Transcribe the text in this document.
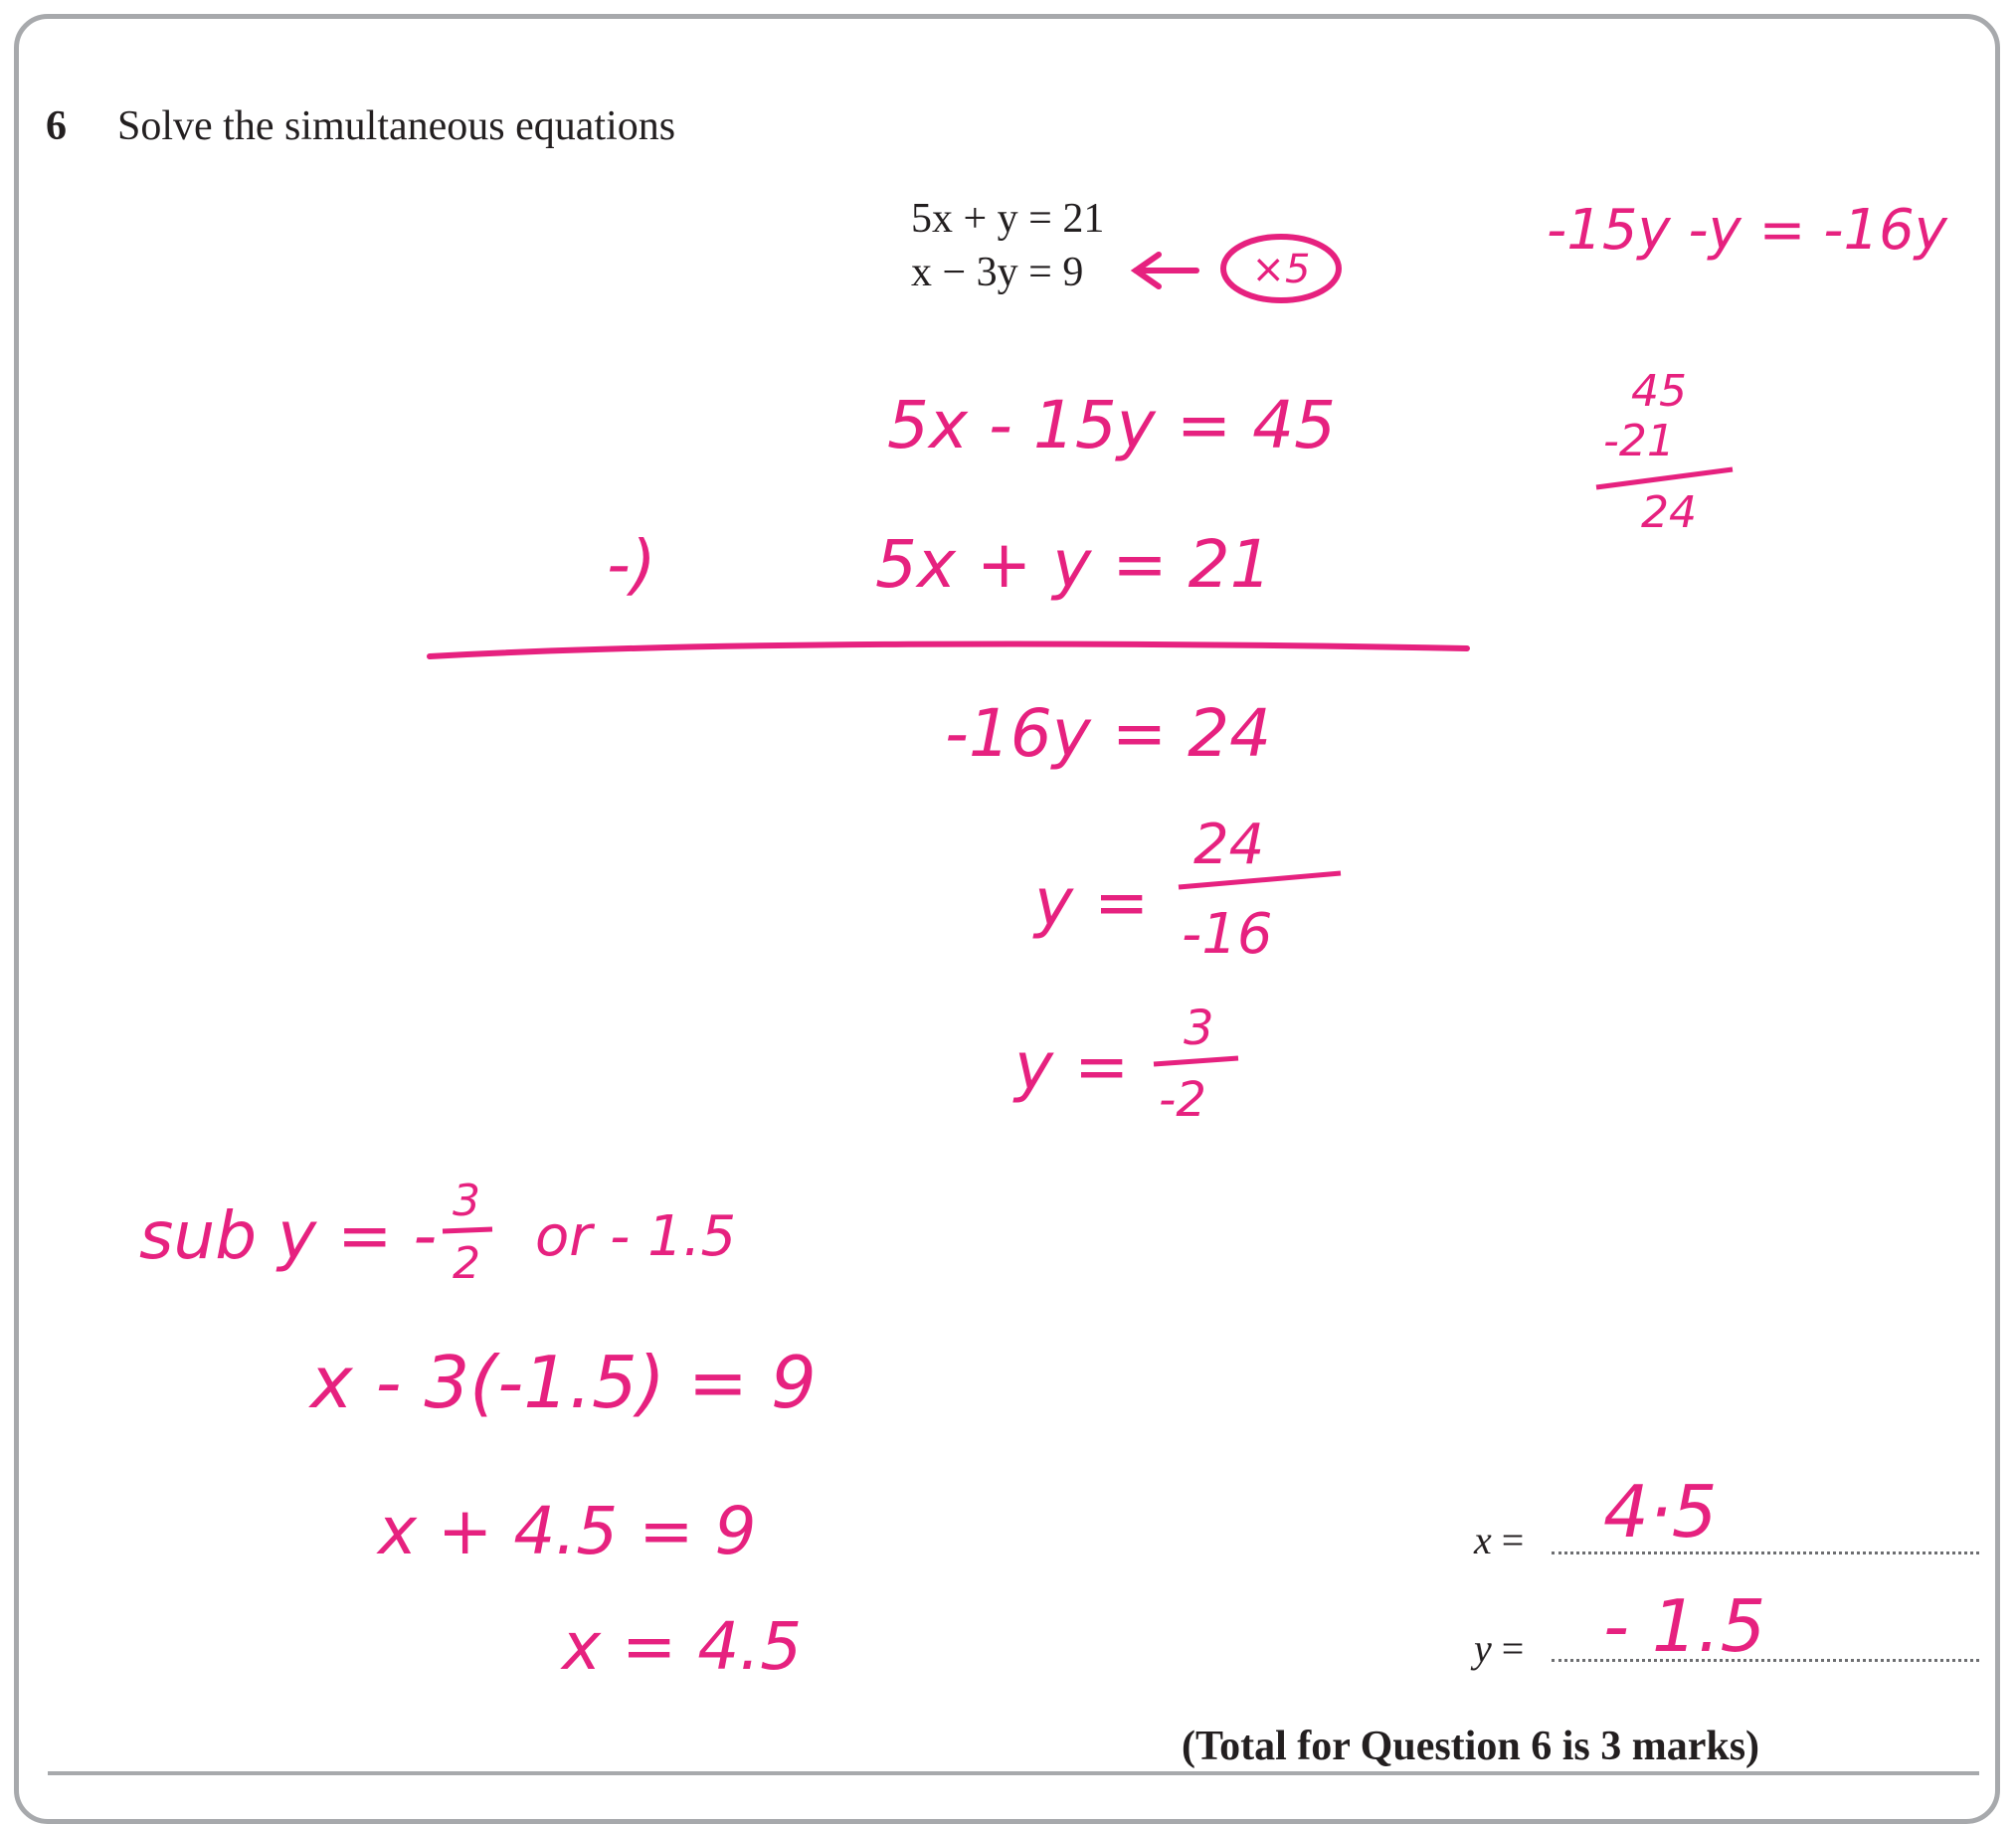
6 Solve the simultaneous equations
5x + y = 21
x − 3y = 9
x =
y =
(Total for Question 6 is 3 marks)
×5
-15y -y = -16y
45
-21
24
5x - 15y = 45
-)	5x + y = 21
-16y = 24
y =
24
-16
y = 3
-2
sub y = - 3
2 or - 1.5
x - 3(-1.5) = 9
x + 4.5 = 9
x = 4.5
4·5
- 1.5
